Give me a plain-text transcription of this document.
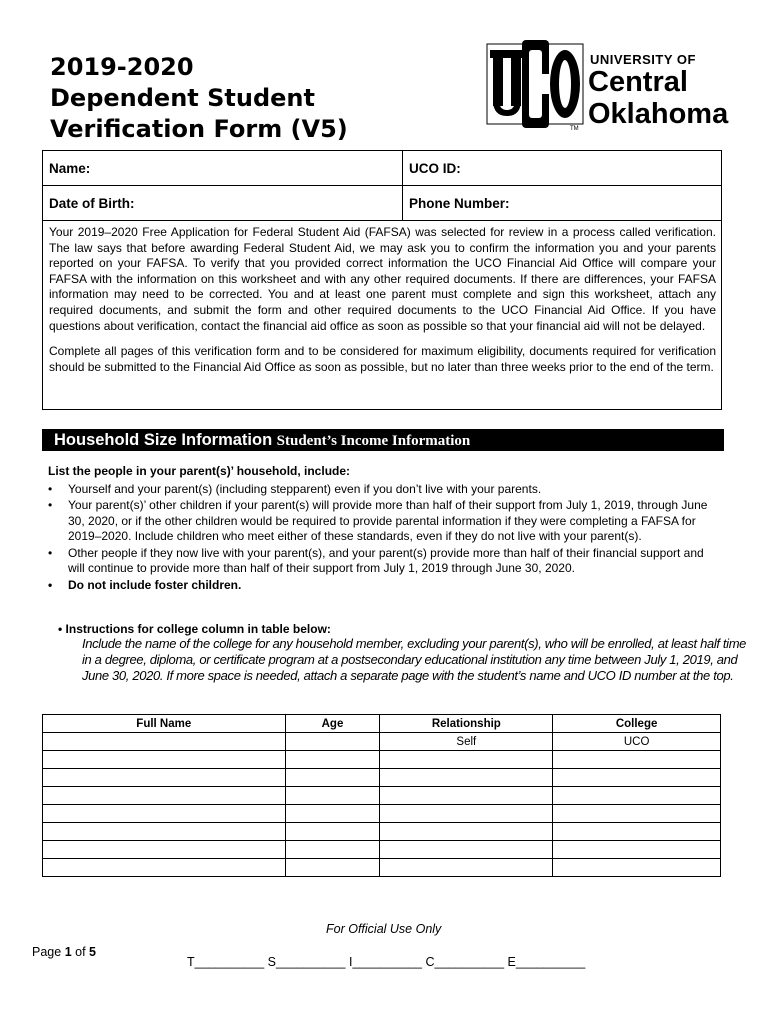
2019-2020
Dependent Student
Verification Form (V5)	TM
UNIVERSITY OF
Central
Oklahoma
Name:	UCO ID:
Date of Birth:	Phone Number:

Your 2019–2020 Free Application for Federal Student Aid (FAFSA) was selected for review in a process called verification. The law says that before awarding Federal Student Aid, we may ask you to confirm the information you and your parents reported on your FAFSA. To verify that you provided correct information the UCO Financial Aid Office will compare your FAFSA with the information on this worksheet and with any other required documents. If there are differences, your FAFSA information may need to be corrected. You and at least one parent must complete and sign this worksheet, attach any required documents, and submit the form and other required documents to the UCO Financial Aid Office. If you have questions about verification, contact the financial aid office as soon as possible so that your financial aid will not be delayed.

Complete all pages of this verification form and to be considered for maximum eligibility, documents required for verification should be submitted to the Financial Aid Office as soon as possible, but no later than three weeks prior to the end of the term.

Household Size Information Student’s Income Information
List the people in your parent(s)’ household, include:
• Yourself and your parent(s) (including stepparent) even if you don’t live with your parents.
• Your parent(s)’ other children if your parent(s) will provide more than half of their support from July 1, 2019, through June 30, 2020, or if the other children would be required to provide parental information if they were completing a FAFSA for 2019–2020. Include children who meet either of these standards, even if they do not live with your parent(s).
• Other people if they now live with your parent(s), and your parent(s) provide more than half of their financial support and will continue to provide more than half of their support from July 1, 2019 through June 30, 2020.
• Do not include foster children.
• Instructions for college column in table below:
Include the name of the college for any household member, excluding your parent(s), who will be enrolled, at least half time in a degree, diploma, or certificate program at a postsecondary educational institution any time between July 1, 2019, and June 30, 2020. If more space is needed, attach a separate page with the student’s name and UCO ID number at the top.
Full Name	Age	Relationship	College
		Self	UCO

For Official Use Only
Page 1 of 5
T__________ S__________ I__________ C__________ E__________
